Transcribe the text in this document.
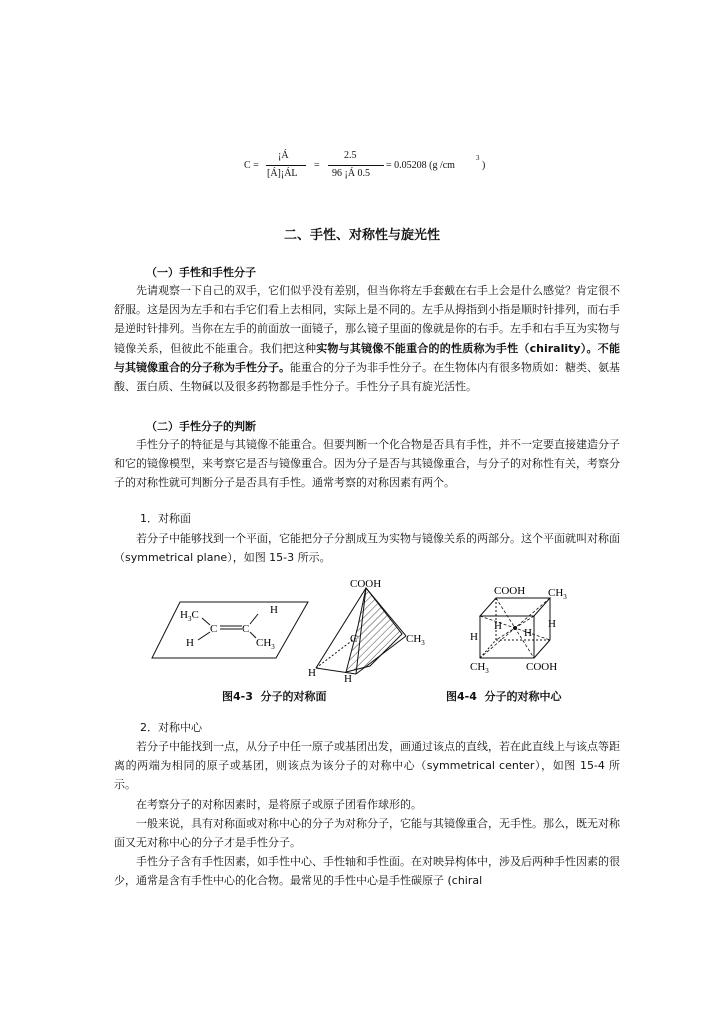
C =
¡Á
[Á]¡ÁL
=
2.5
96 ¡Á 0.5
= 0.05208 (g /cm
3
)
二、手性、对称性与旋光性

（一）手性和手性分子

先请观察一下自己的双手，它们似乎没有差别，但当你将左手套戴在右手上会是什么感觉？肯定很不舒服。这是因为左手和右手它们看上去相同，实际上是不同的。左手从拇指到小指是顺时针排列，而右手是逆时针排列。当你在左手的前面放一面镜子，那么镜子里面的像就是你的右手。左手和右手互为实物与镜像关系，但彼此不能重合。我们把这种实物与其镜像不能重合的的性质称为手性（chirality）。不能与其镜像重合的分子称为手性分子。能重合的分子为非手性分子。在生物体内有很多物质如：糖类、氨基酸、蛋白质、生物碱以及很多药物都是手性分子。手性分子具有旋光活性。

（二）手性分子的判断

手性分子的特征是与其镜像不能重合。但要判断一个化合物是否具有手性，并不一定要直接建造分子和它的镜像模型，来考察它是否与镜像重合。因为分子是否与其镜像重合，与分子的对称性有关，考察分子的对称性就可判断分子是否具有手性。通常考察的对称因素有两个。

1．对称面

若分子中能够找到一个平面，它能把分子分割成互为实物与镜像关系的两部分。这个平面就叫对称面（symmetrical plane），如图 15-3 所示。

$H_3C$	H
C C
H	$CH_3$
COOH
C	$CH_3$
H	H
COOH $CH_3$
H	H
H	H
$CH_3$	COOH

图4-3 分子的对称面	图4-4 分子的对称中心

2．对称中心

若分子中能找到一点，从分子中任一原子或基团出发，画通过该点的直线，若在此直线上与该点等距离的两端为相同的原子或基团，则该点为该分子的对称中心（symmetrical center），如图 15-4 所示。

在考察分子的对称因素时，是将原子或原子团看作球形的。

一般来说，具有对称面或对称中心的分子为对称分子，它能与其镜像重合，无手性。那么，既无对称面又无对称中心的分子才是手性分子。

手性分子含有手性因素，如手性中心、手性轴和手性面。在对映异构体中，涉及后两种手性因素的很少，通常是含有手性中心的化合物。最常见的手性中心是手性碳原子 (chiral
